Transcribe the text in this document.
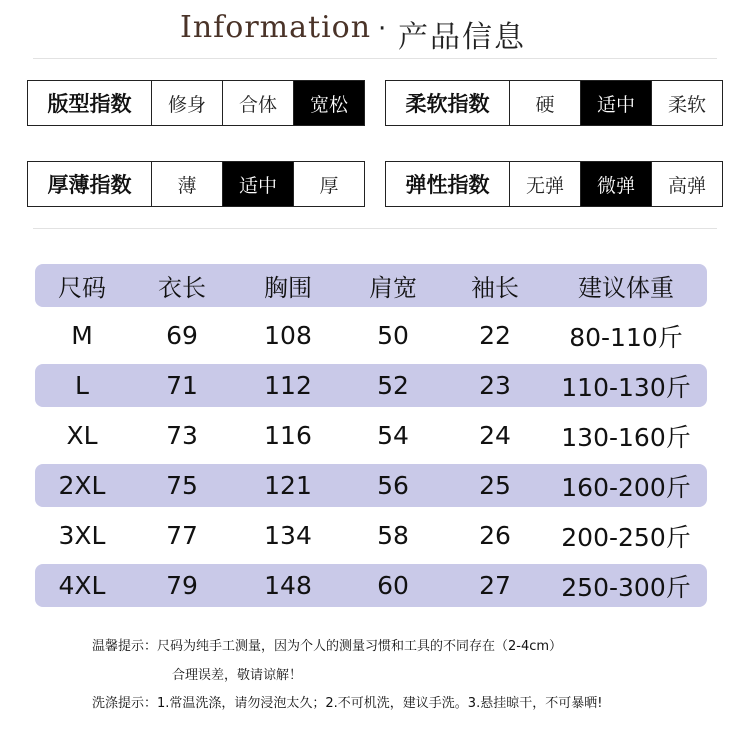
Information · 产品信息
版型指数	修身	合体	宽松	柔软指数	硬	适中	柔软
厚薄指数	薄	适中	厚	弹性指数	无弹	微弹	高弹
尺码	衣长	胸围	肩宽	袖长	建议体重
M	69	108	50	22	80-110斤
L	71	112	52	23	110-130斤
XL	73	116	54	24	130-160斤
2XL	75	121	56	25	160-200斤
3XL	77	134	58	26	200-250斤
4XL	79	148	60	27	250-300斤
温馨提示：尺码为纯手工测量，因为个人的测量习惯和工具的不同存在（2-4cm）
合理误差，敬请谅解！
洗涤提示：1.常温洗涤，请勿浸泡太久；2.不可机洗，建议手洗。3.悬挂晾干，不可暴晒!
